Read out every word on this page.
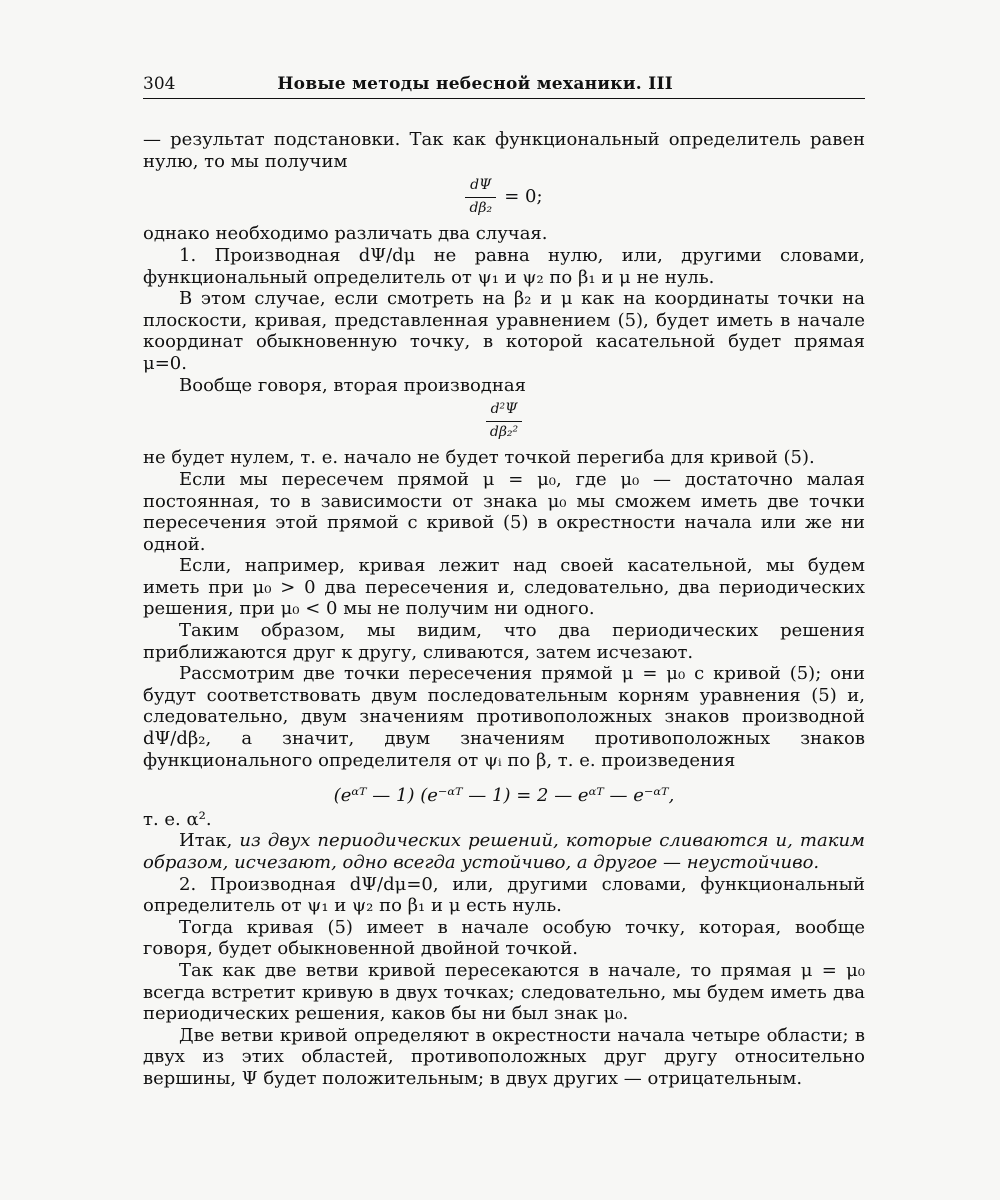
304	Новые методы небесной механики. III

— результат подстановки. Так как функциональный определитель равен нулю, то мы получим

$\frac{d\Psi}{\text{dβ₂}} = 0$;

однако необходимо различать два случая.

1. Производная dΨ/dμ не равна нулю, или, другими словами, функциональный определитель от ψ₁ и ψ₂ по β₁ и μ не нуль.

В этом случае, если смотреть на β₂ и μ как на координаты точки на плоскости, кривая, представленная уравнением (5), будет иметь в начале координат обыкновенную точку, в которой касательной будет прямая μ=0.

Вообще говоря, вторая производная

$\frac{\text{d²Ψ}}{\text{dβ₂²}}$

не будет нулем, т. е. начало не будет точкой перегиба для кривой (5).

Если мы пересечем прямой μ = μ₀, где μ₀ — достаточно малая постоянная, то в зависимости от знака μ₀ мы сможем иметь две точки пересечения этой прямой с кривой (5) в окрестности начала или же ни одной.

Если, например, кривая лежит над своей касательной, мы будем иметь при μ₀ > 0 два пересечения и, следовательно, два периодических решения, при μ₀ < 0 мы не получим ни одного.

Таким образом, мы видим, что два периодических решения приближаются друг к другу, сливаются, затем исчезают.

Рассмотрим две точки пересечения прямой μ = μ₀ с кривой (5); они будут соответствовать двум последовательным корням уравнения (5) и, следовательно, двум значениям противоположных знаков производной dΨ/dβ₂, а значит, двум значениям противоположных знаков функционального определителя от ψᵢ по β, т. е. произведения

(eᵅᵀ — 1) (e⁻ᵅᵀ — 1) = 2 — eᵅᵀ — e⁻ᵅᵀ,

т. е. α².

Итак, из двух периодических решений, которые сливаются и, таким образом, исчезают, одно всегда устойчиво, а другое — неустойчиво.

2. Производная dΨ/dμ=0, или, другими словами, функциональный определитель от ψ₁ и ψ₂ по β₁ и μ есть нуль.

Тогда кривая (5) имеет в начале особую точку, которая, вообще говоря, будет обыкновенной двойной точкой.

Так как две ветви кривой пересекаются в начале, то прямая μ = μ₀ всегда встретит кривую в двух точках; следовательно, мы будем иметь два периодических решения, каков бы ни был знак μ₀.

Две ветви кривой определяют в окрестности начала четыре области; в двух из этих областей, противоположных друг другу относительно вершины, Ψ будет положительным; в двух других — отрицательным.
